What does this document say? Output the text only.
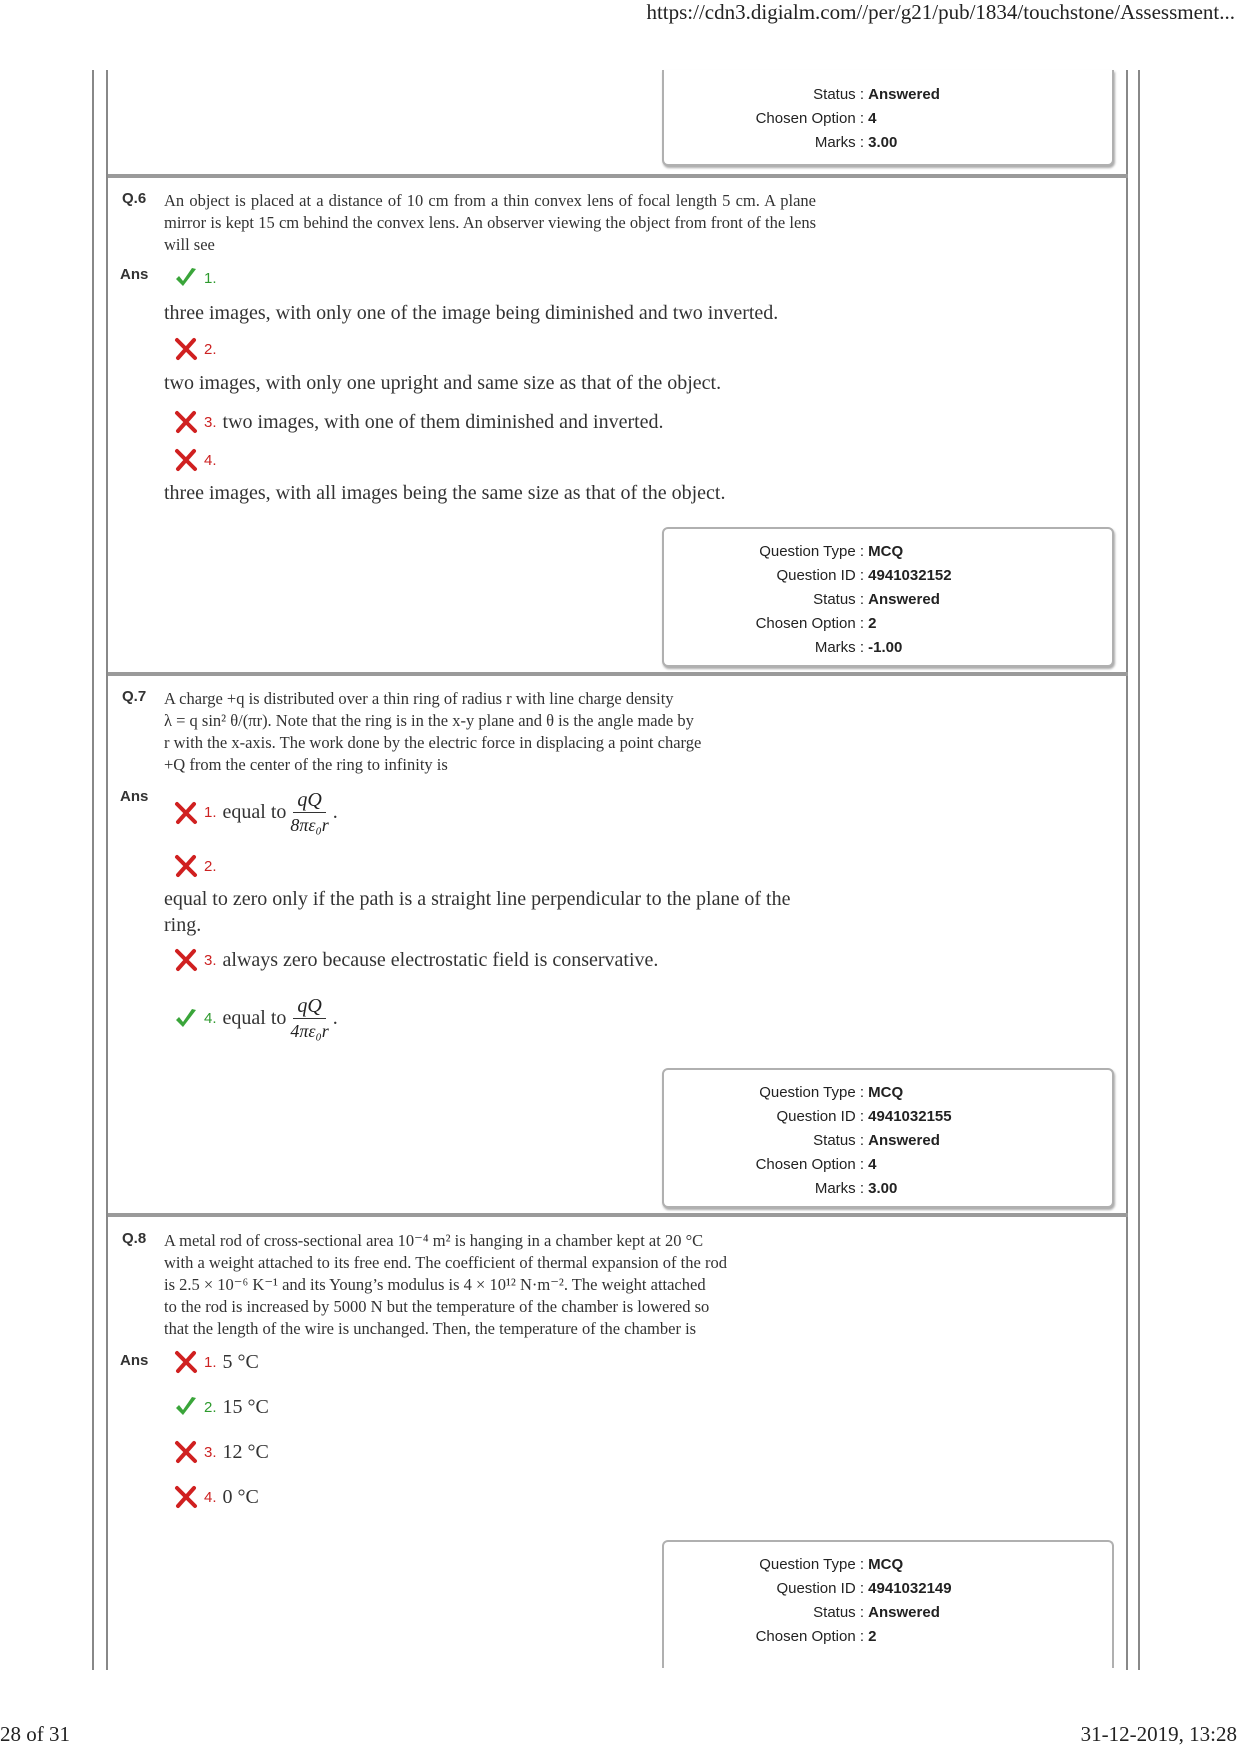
https://cdn3.digialm.com//per/g21/pub/1834/touchstone/Assessment...
28 of 31	31-12-2019, 13:28
Status : Answered
Chosen Option : 4
Marks : 3.00
Q.6 An object is placed at a distance of 10 cm from a thin convex lens of focal length 5 cm. A plane mirror is kept 15 cm behind the convex lens. An observer viewing the object from front of the lens will see
Ans	1.
three images, with only one of the image being diminished and two inverted.
2.
two images, with only one upright and same size as that of the object.
3. two images, with one of them diminished and inverted.
4.
three images, with all images being the same size as that of the object.
Question Type : MCQ
Question ID : 4941032152
Status : Answered
Chosen Option : 2
Marks : -1.00
Q.7 A charge +q is distributed over a thin ring of radius r with line charge density
λ = q sin² θ/(πr). Note that the ring is in the x-y plane and θ is the angle made by
r with the x-axis. The work done by the electric force in displacing a point charge
+Q from the center of the ring to infinity is
Ans
1. equal to $\frac{qQ}{\text{8πε₀r}}$ .
2.
equal to zero only if the path is a straight line perpendicular to the plane of the ring.
3. always zero because electrostatic field is conservative.
4. equal to $\frac{qQ}{\text{4πε₀r}}$ .
Question Type : MCQ
Question ID : 4941032155
Status : Answered
Chosen Option : 4
Marks : 3.00
Q.8 A metal rod of cross-sectional area 10⁻⁴ m² is hanging in a chamber kept at 20 °C
with a weight attached to its free end. The coefficient of thermal expansion of the rod
is 2.5 × 10⁻⁶ K⁻¹ and its Young’s modulus is 4 × 10¹² N·m⁻². The weight attached
to the rod is increased by 5000 N but the temperature of the chamber is lowered so
that the length of the wire is unchanged. Then, the temperature of the chamber is
Ans	1. 5 °C
2. 15 °C
3. 12 °C
4. 0 °C
Question Type : MCQ
Question ID : 4941032149
Status : Answered
Chosen Option : 2
